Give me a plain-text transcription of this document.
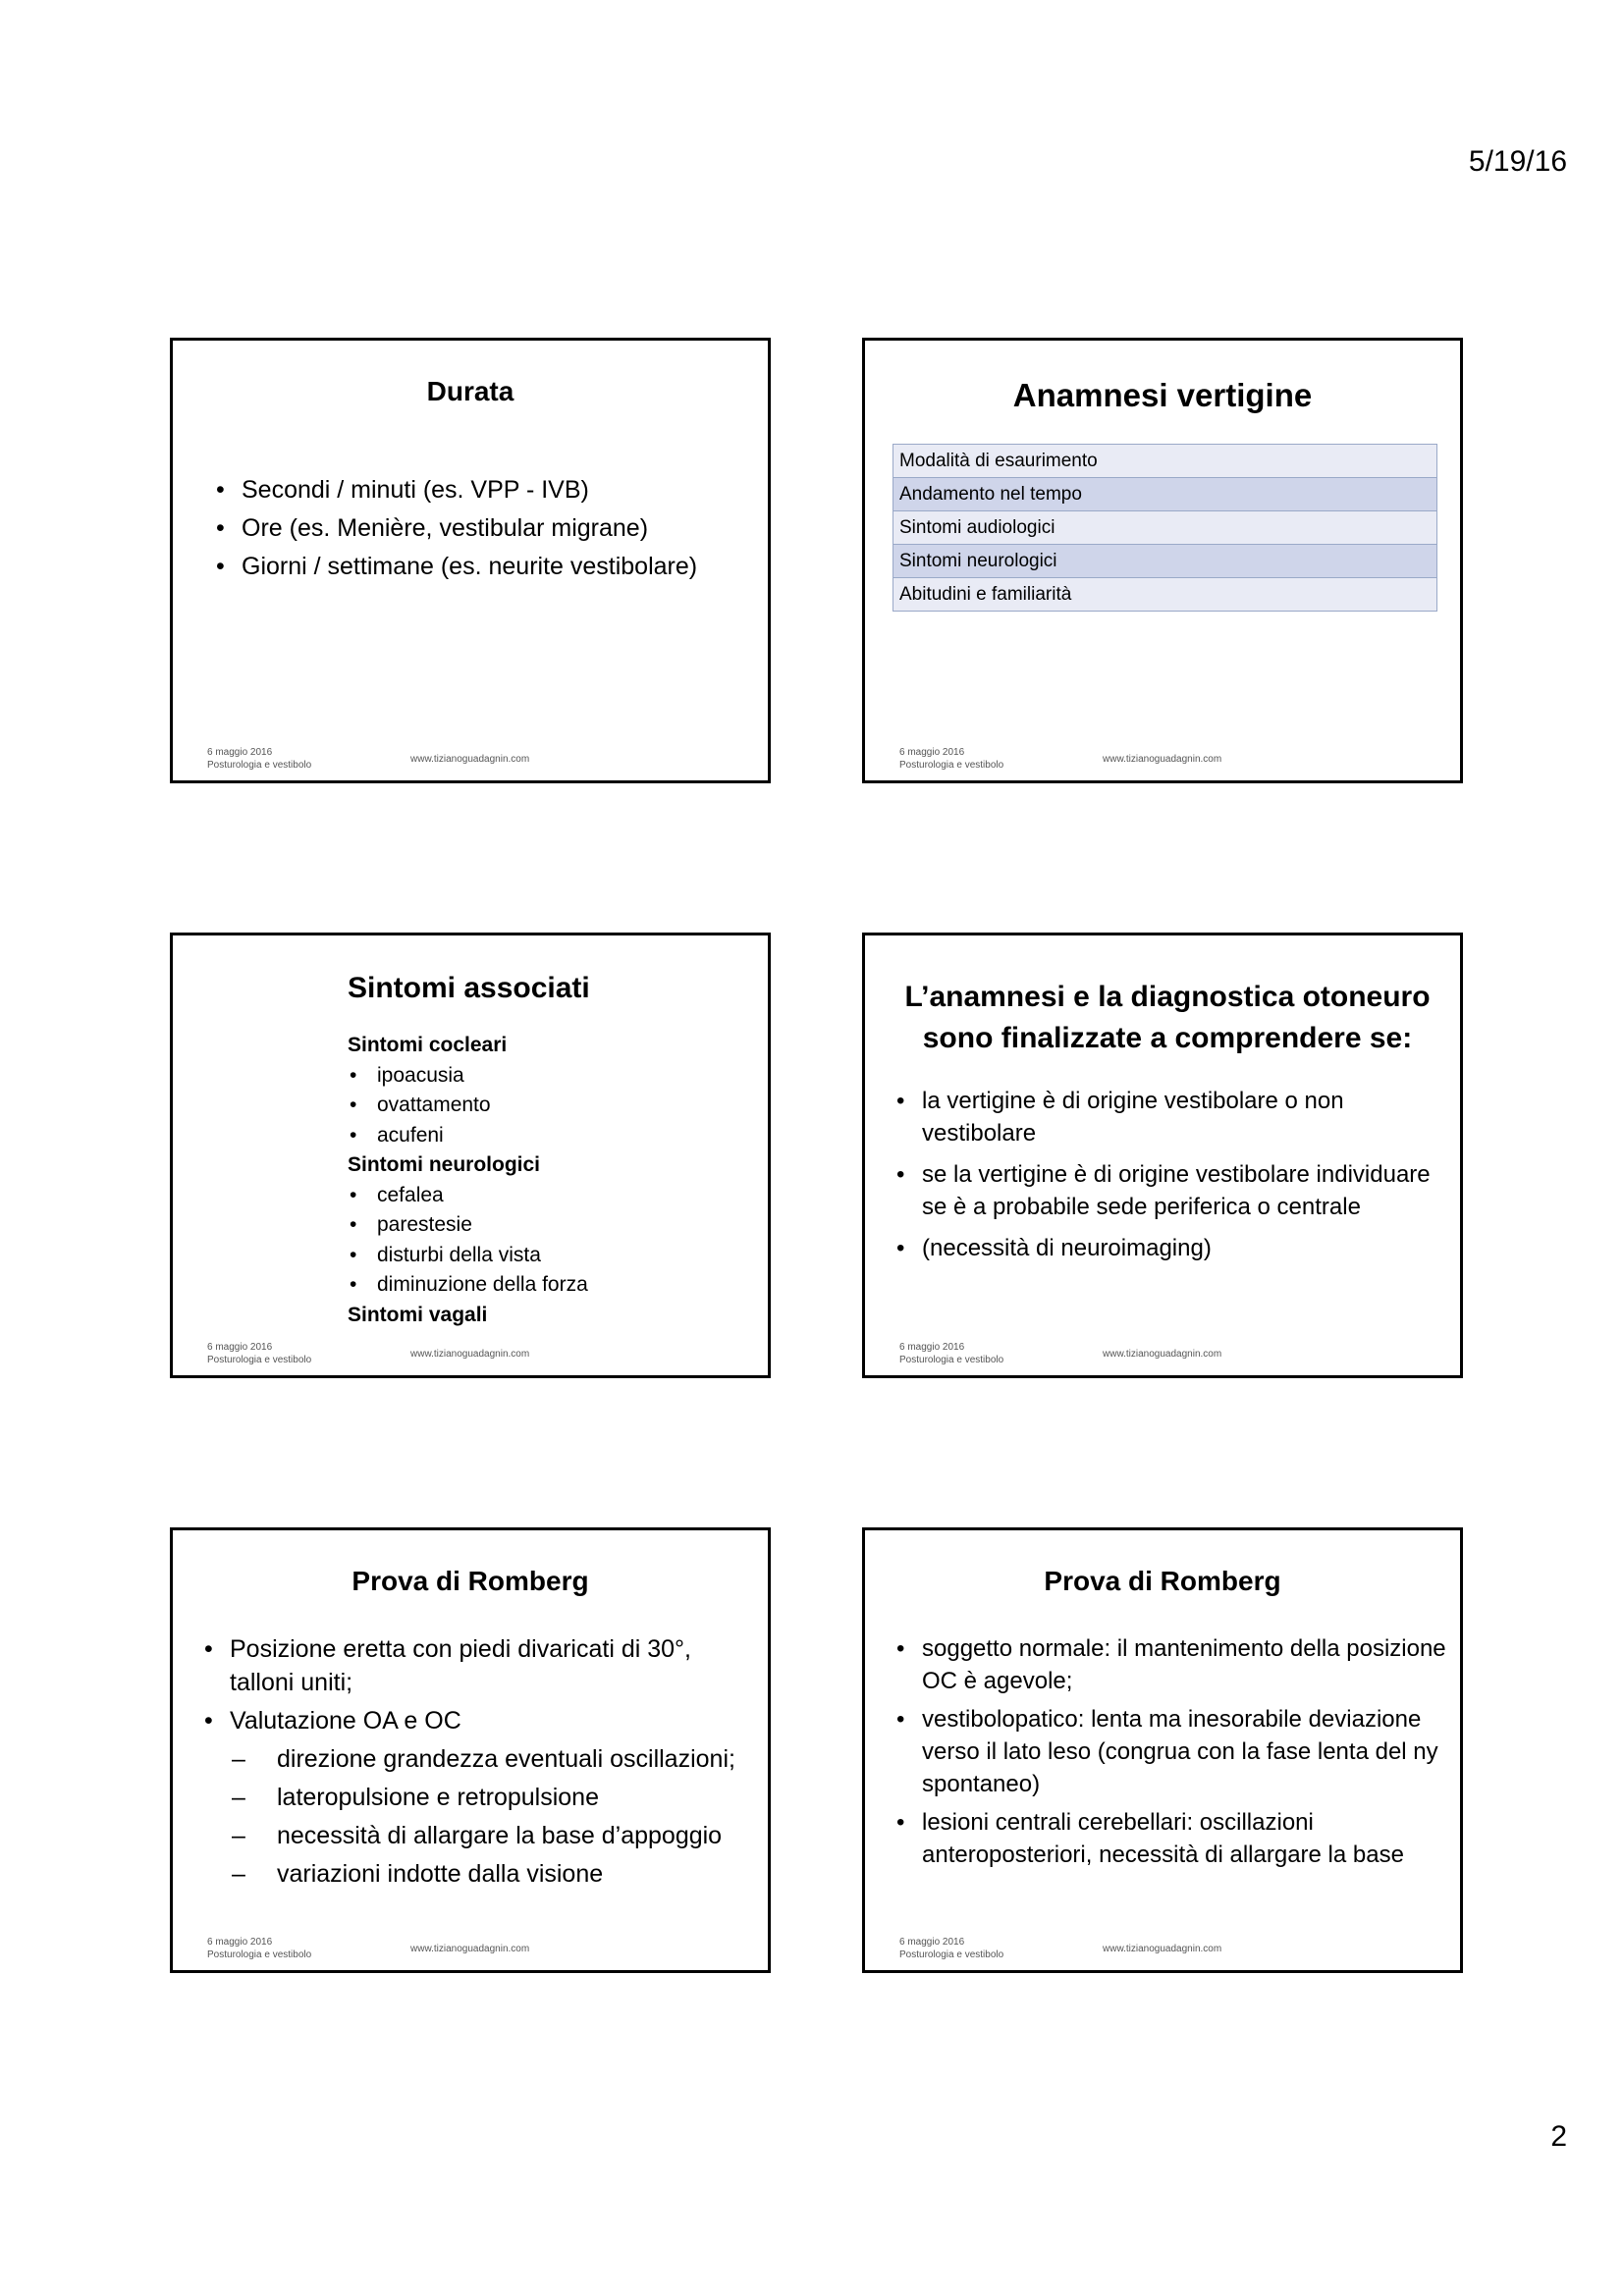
5/19/16
Durata
• Secondi / minuti (es. VPP - IVB)
• Ore (es. Menière, vestibular migrane)
• Giorni / settimane (es. neurite vestibolare)
6 maggio 2016
Posturologia e vestibolo
www.tizianoguadagnin.com
Anamnesi vertigine
Modalità di esaurimento
Andamento nel tempo
Sintomi audiologici
Sintomi neurologici
Abitudini e familiarità
6 maggio 2016
Posturologia e vestibolo
www.tizianoguadagnin.com
Sintomi associati
Sintomi cocleari
• ipoacusia
• ovattamento
• acufeni
Sintomi neurologici
• cefalea
• parestesie
• disturbi della vista
• diminuzione della forza
Sintomi vagali
6 maggio 2016
Posturologia e vestibolo
www.tizianoguadagnin.com
L’anamnesi e la diagnostica otoneuro sono finalizzate a comprendere se:
• la vertigine è di origine vestibolare o non vestibolare
• se la vertigine è di origine vestibolare individuare se è a probabile sede periferica o centrale
• (necessità di neuroimaging)
6 maggio 2016
Posturologia e vestibolo
www.tizianoguadagnin.com
Prova di Romberg
• Posizione eretta con piedi divaricati di 30°, talloni uniti;
• Valutazione OA e OC
– direzione grandezza eventuali oscillazioni;
– lateropulsione e retropulsione
– necessità di allargare la base d’appoggio
– variazioni indotte dalla visione
6 maggio 2016
Posturologia e vestibolo
www.tizianoguadagnin.com
Prova di Romberg
• soggetto normale: il mantenimento della posizione OC è agevole;
• vestibolopatico: lenta ma inesorabile deviazione verso il lato leso (congrua con la fase lenta del ny spontaneo)
• lesioni centrali cerebellari: oscillazioni anteroposteriori, necessità di allargare la base
6 maggio 2016
Posturologia e vestibolo
www.tizianoguadagnin.com
2
